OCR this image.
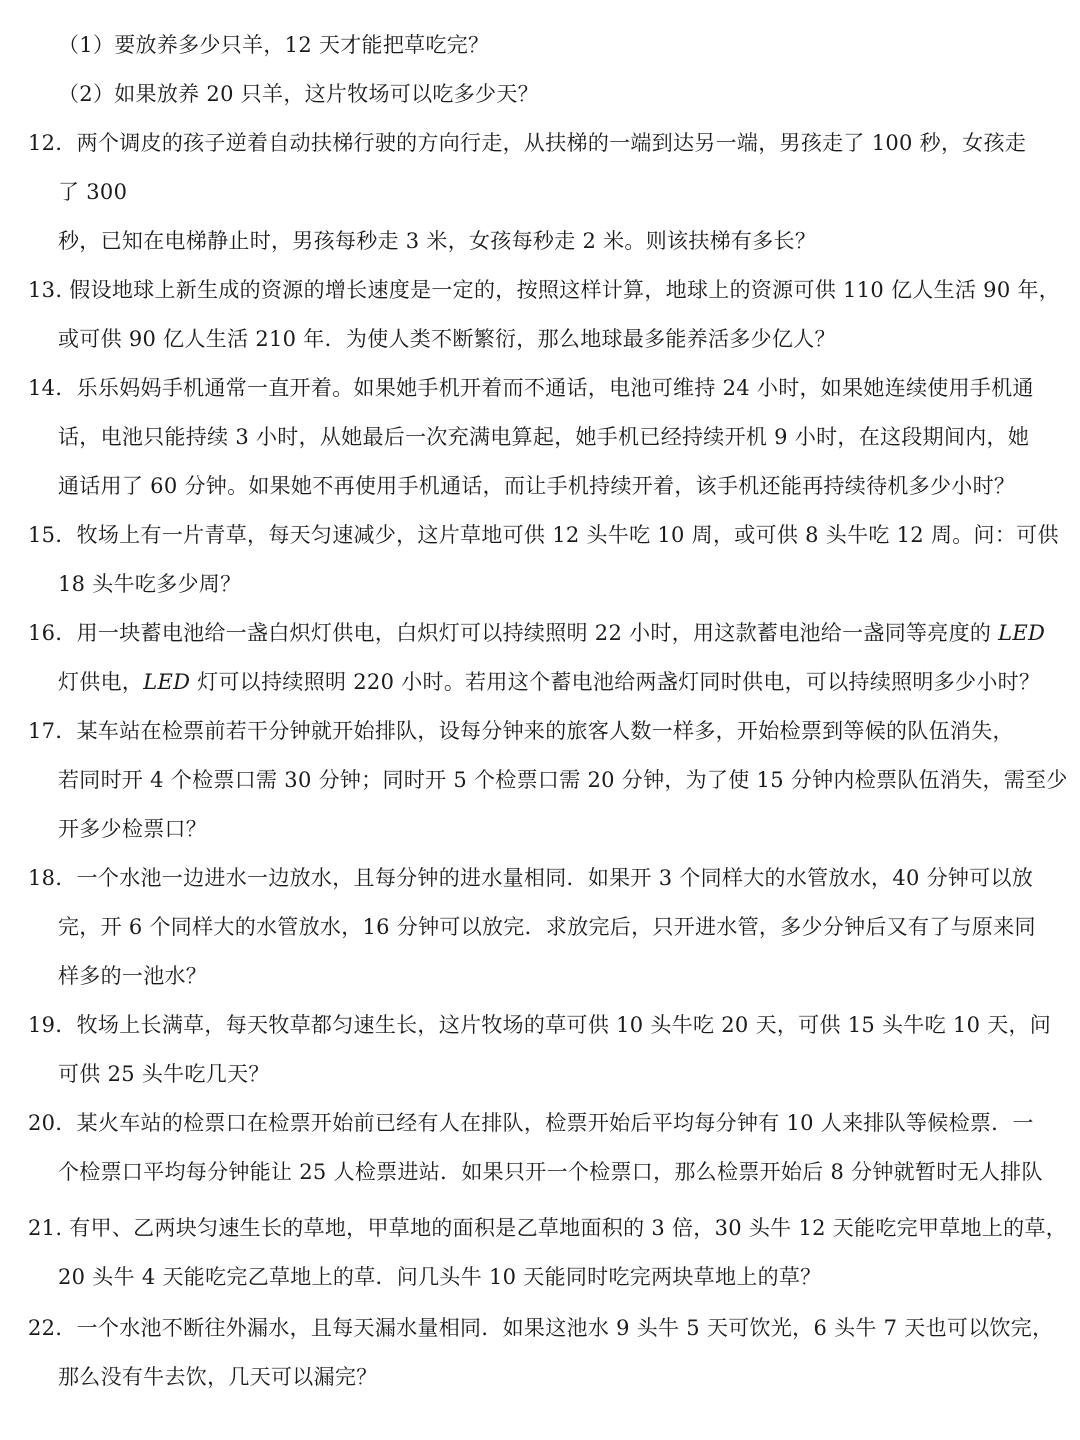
（1）要放养多少只羊，12 天才能把草吃完？
（2）如果放养 20 只羊，这片牧场可以吃多少天？
12．两个调皮的孩子逆着自动扶梯行驶的方向行走，从扶梯的一端到达另一端，男孩走了 100 秒，女孩走
了 300
秒，已知在电梯静止时，男孩每秒走 3 米，女孩每秒走 2 米。则该扶梯有多长？
13. 假设地球上新生成的资源的增长速度是一定的，按照这样计算，地球上的资源可供 110 亿人生活 90 年，
或可供 90 亿人生活 210 年．为使人类不断繁衍，那么地球最多能养活多少亿人？
14．乐乐妈妈手机通常一直开着。如果她手机开着而不通话，电池可维持 24 小时，如果她连续使用手机通
话，电池只能持续 3 小时，从她最后一次充满电算起，她手机已经持续开机 9 小时，在这段期间内，她
通话用了 60 分钟。如果她不再使用手机通话，而让手机持续开着，该手机还能再持续待机多少小时？
15．牧场上有一片青草，每天匀速减少，这片草地可供 12 头牛吃 10 周，或可供 8 头牛吃 12 周。问：可供
18 头牛吃多少周？
16．用一块蓄电池给一盏白炽灯供电，白炽灯可以持续照明 22 小时，用这款蓄电池给一盏同等亮度的 LED
灯供电，LED 灯可以持续照明 220 小时。若用这个蓄电池给两盏灯同时供电，可以持续照明多少小时？
17．某车站在检票前若干分钟就开始排队，设每分钟来的旅客人数一样多，开始检票到等候的队伍消失，
若同时开 4 个检票口需 30 分钟；同时开 5 个检票口需 20 分钟，为了使 15 分钟内检票队伍消失，需至少
开多少检票口？
18．一个水池一边进水一边放水，且每分钟的进水量相同．如果开 3 个同样大的水管放水，40 分钟可以放
完，开 6 个同样大的水管放水，16 分钟可以放完．求放完后，只开进水管，多少分钟后又有了与原来同
样多的一池水？
19．牧场上长满草，每天牧草都匀速生长，这片牧场的草可供 10 头牛吃 20 天，可供 15 头牛吃 10 天，问
可供 25 头牛吃几天？
20．某火车站的检票口在检票开始前已经有人在排队，检票开始后平均每分钟有 10 人来排队等候检票．一
个检票口平均每分钟能让 25 人检票进站．如果只开一个检票口，那么检票开始后 8 分钟就暂时无人排队
21. 有甲、乙两块匀速生长的草地，甲草地的面积是乙草地面积的 3 倍，30 头牛 12 天能吃完甲草地上的草，
20 头牛 4 天能吃完乙草地上的草．问几头牛 10 天能同时吃完两块草地上的草？
22．一个水池不断往外漏水，且每天漏水量相同．如果这池水 9 头牛 5 天可饮光，6 头牛 7 天也可以饮完，
那么没有牛去饮，几天可以漏完？
